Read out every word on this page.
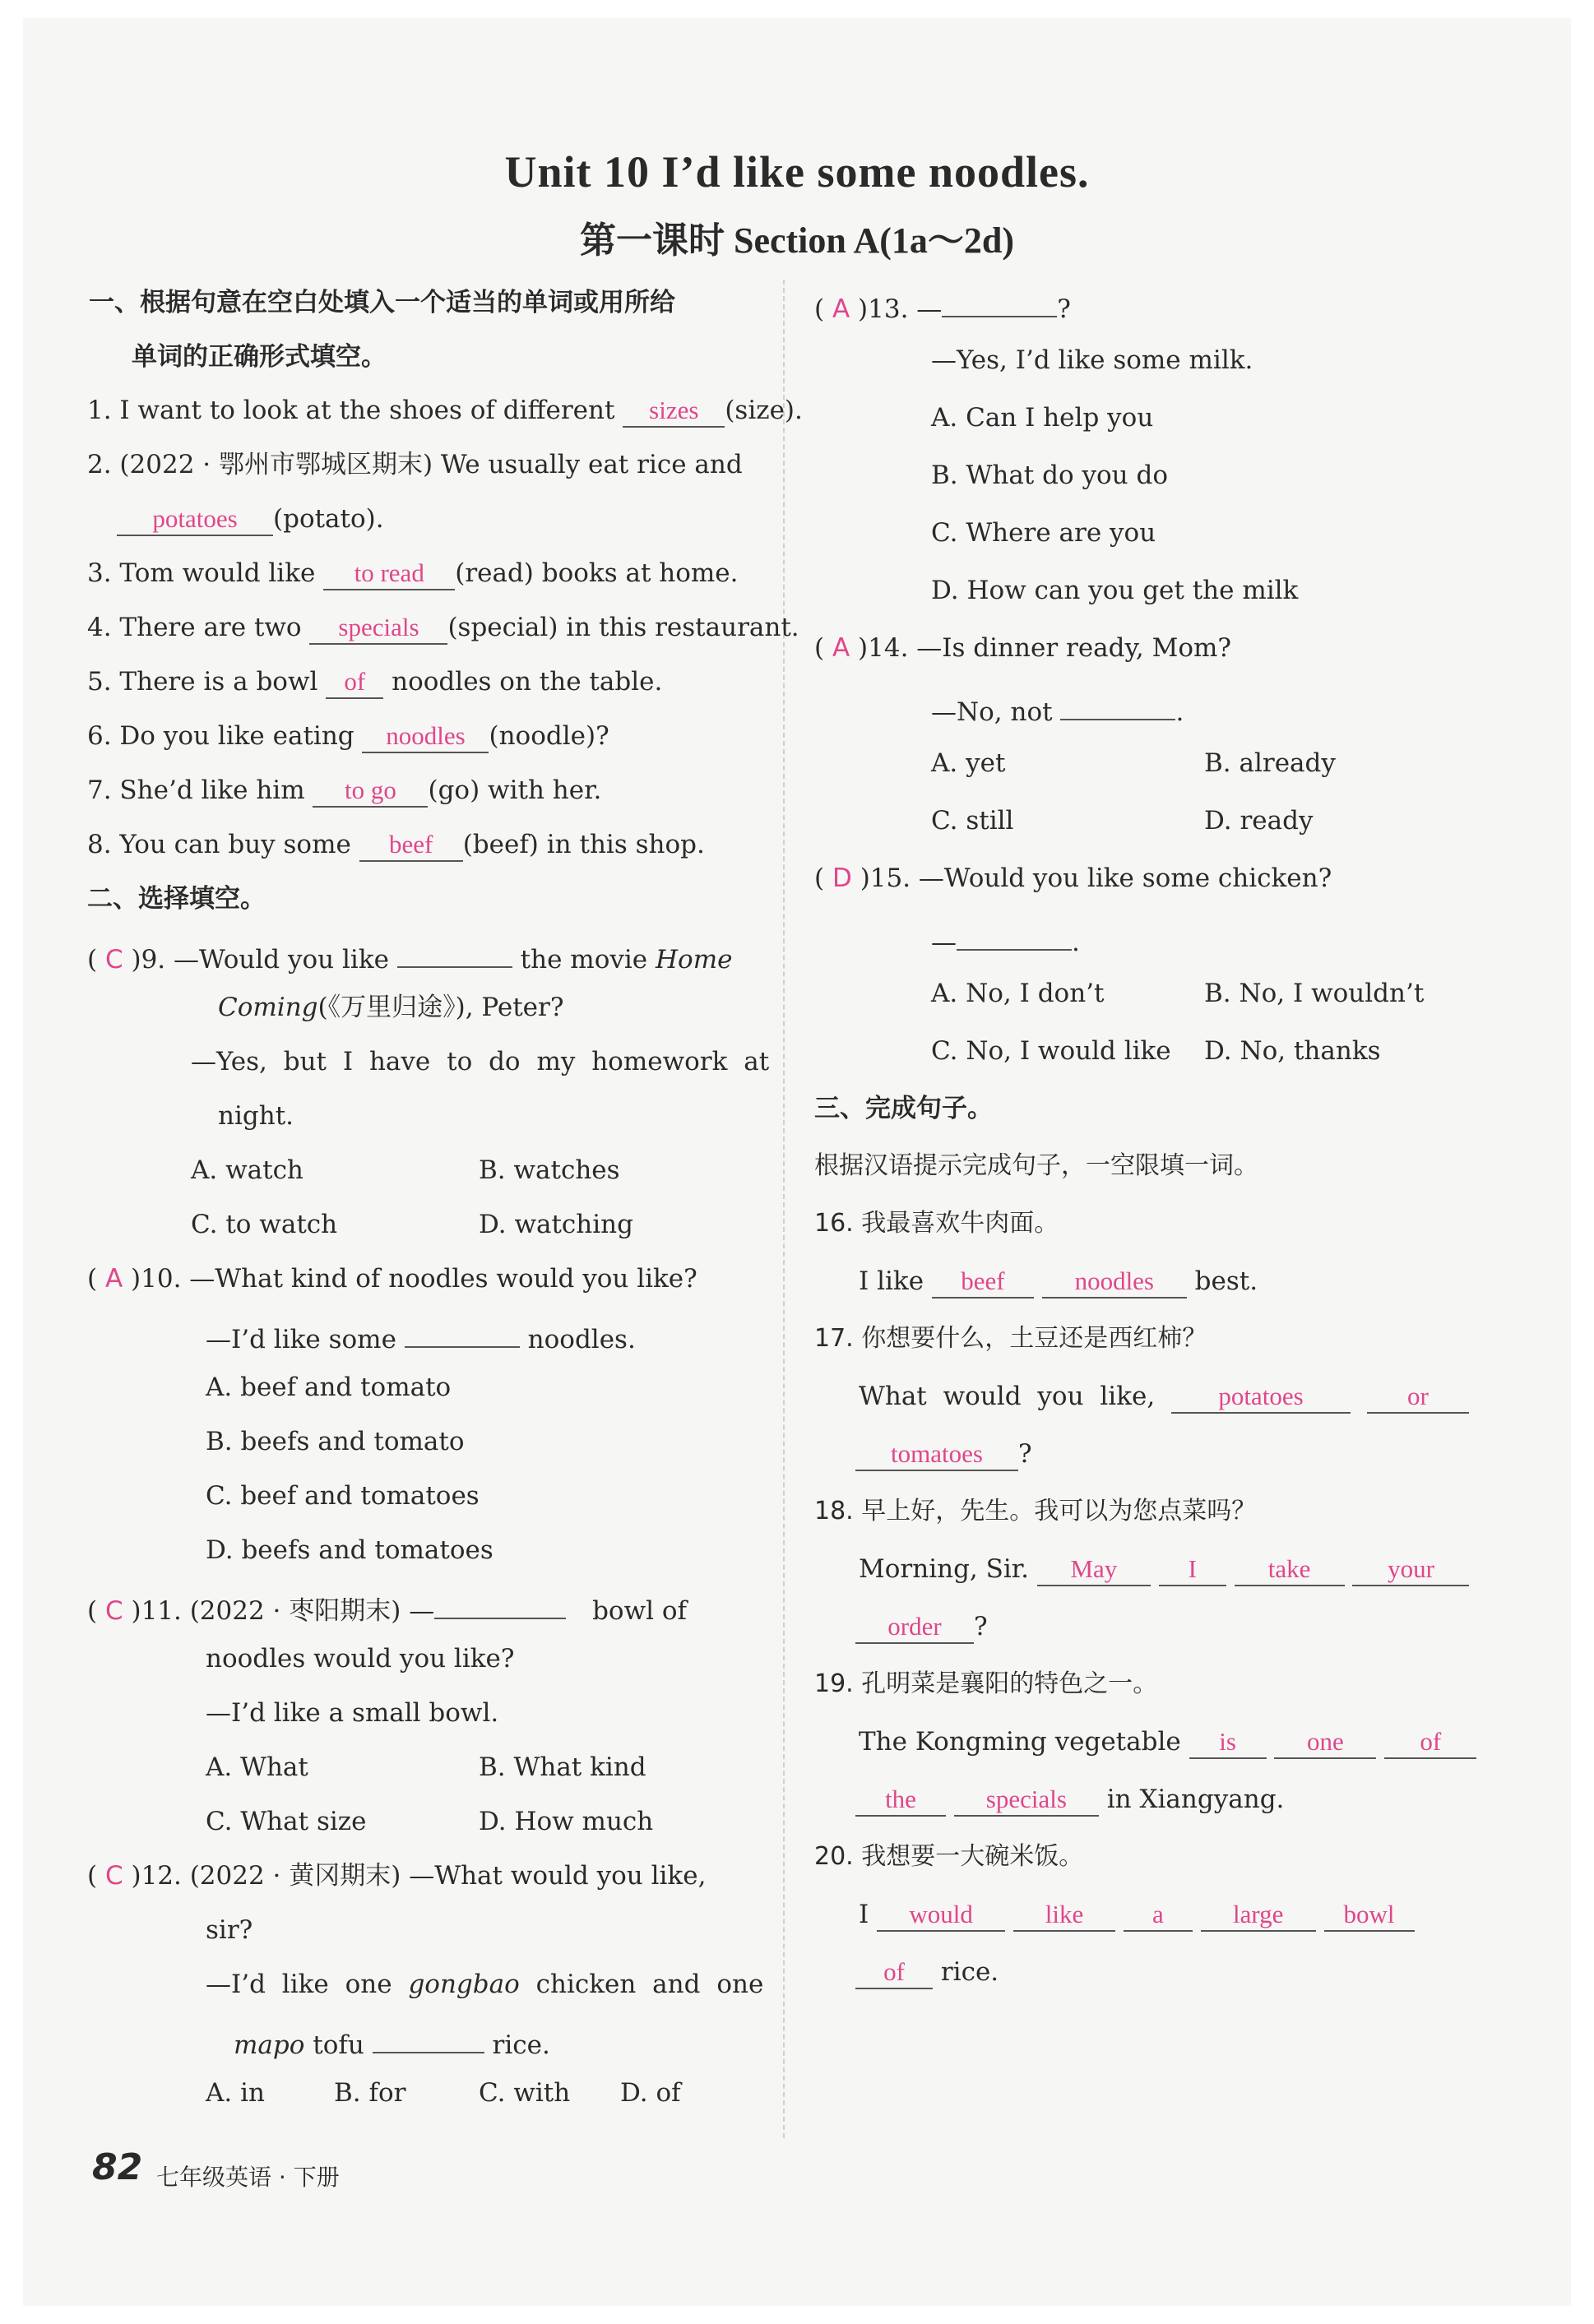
Unit 10 I’d like some noodles.
第一课时 Section A(1a～2d)
一、根据句意在空白处填入一个适当的单词或用所给
单词的正确形式填空。
1. I want to look at the shoes of different sizes (size).
2. (2022 · 鄂州市鄂城区期末) We usually eat rice and
potatoes (potato).
3. Tom would like to read (read) books at home.
4. There are two specials (special) in this restaurant.
5. There is a bowl of noodles on the table.
6. Do you like eating noodles (noodle)?
7. She’d like him to go (go) with her.
8. You can buy some beef (beef) in this shop.
二、选择填空。
( C )9. —Would you like	the movie Home
Coming(《万里归途》), Peter?
—Yes, but I have to do my homework at
night.
A. watch	B. watches
C. to watch	D. watching
( A )10. —What kind of noodles would you like?
—I’d like some	noodles.
A. beef and tomato
B. beefs and tomato
C. beef and tomatoes
D. beefs and tomatoes
( C )11. (2022 · 枣阳期末) —	bowl of
noodles would you like?
—I’d like a small bowl.
A. What	B. What kind
C. What size	D. How much
( C )12. (2022 · 黄冈期末) —What would you like,
sir?
—I’d like one gongbao chicken and one
mapo tofu	rice.
A. in	B. for	C. with D. of
( A )13. —	?
—Yes, I’d like some milk.
A. Can I help you
B. What do you do
C. Where are you
D. How can you get the milk
( A )14. —Is dinner ready, Mom?
—No, not	.
A. yet	B. already
C. still	D. ready
( D )15. —Would you like some chicken?
—	.
A. No, I don’t	B. No, I wouldn’t
C. No, I would like D. No, thanks
三、完成句子。
根据汉语提示完成句子，一空限填一词。
16. 我最喜欢牛肉面。
I like beef	noodles best.
17. 你想要什么，土豆还是西红柿？
What would you like, potatoes	or
tomatoes ?
18. 早上好，先生。我可以为您点菜吗？
Morning, Sir. May	I	take	your
order ?
19. 孔明菜是襄阳的特色之一。
The Kongming vegetable is	one	of
the	specials in Xiangyang.
20. 我想要一大碗米饭。
I would	like	a	large bowl
of rice.
82 七年级英语 · 下册
